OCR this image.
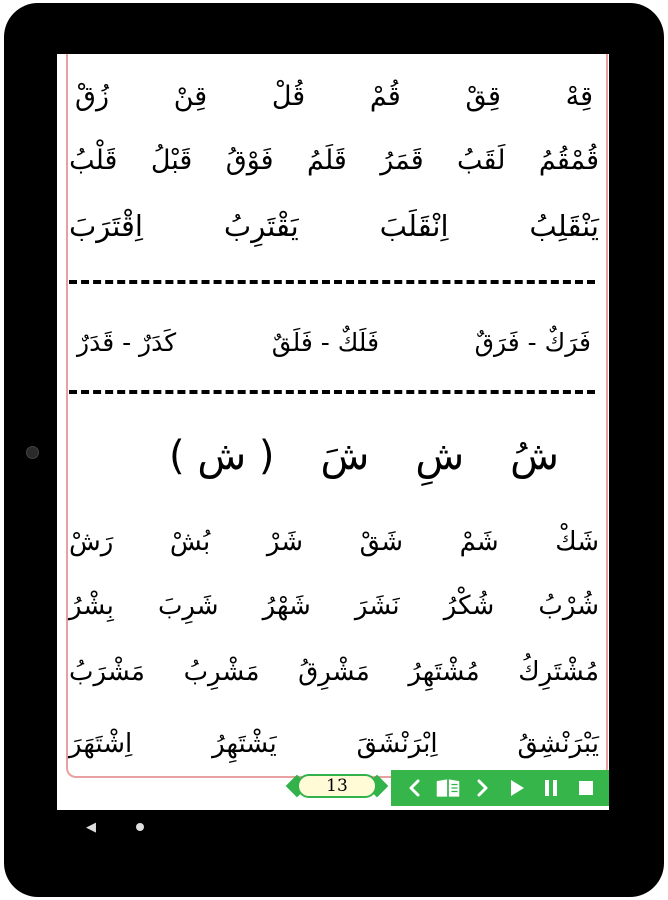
زُقْ قِنْ قُلْ قُمْ قِقْ قِهْ
قَلْبُ قَبْلُ فَوْقُ قَلَمُ قَمَرُ لَقَبُ قُمْقُمُ
اِقْتَرَبَ	يَقْتَرِبُ	اِنْقَلَبَ	يَنْقَلِبُ
كَدَرٌ - قَدَرٌ	فَلَكٌ - فَلَقٌ	فَرَكٌ - فَرَقٌ
( ش ) شَ شِ شُ
رَشْ بُشْ شَرْ شَقْ شَمْ شَكْ
بِشْرُ شَرِبَ شَهْرُ نَشَرَ شُكْرُ شُرْبُ
مَشْرَبُ مَشْرِبُ مَشْرِقُ مُشْتَهِرُ مُشْتَرِكُ
اِشْتَهَرَ	يَشْتَهِرُ	اِبْرَنْشَقَ	يَبْرَنْشِقُ
13
◀
